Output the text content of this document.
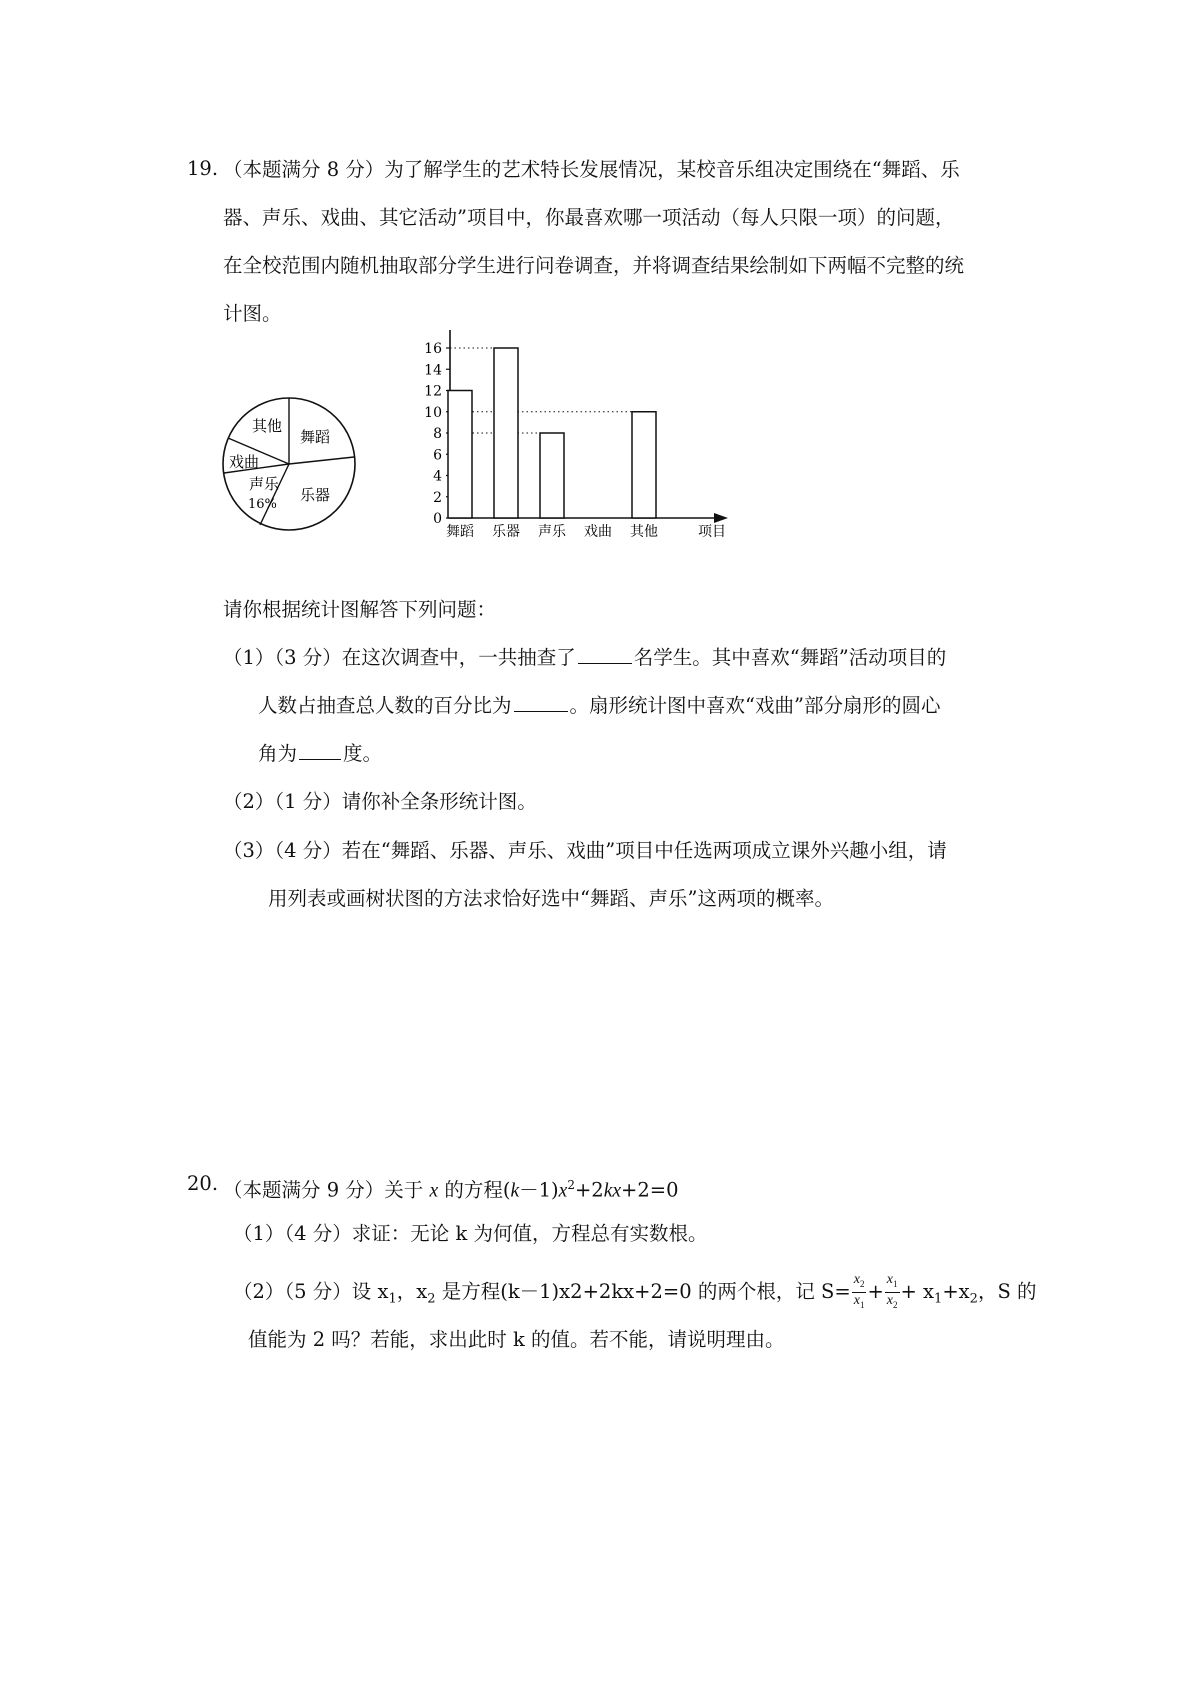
19. （本题满分 8 分）为了解学生的艺术特长发展情况，某校音乐组决定围绕在“舞蹈、乐
器、声乐、戏曲、其它活动”项目中，你最喜欢哪一项活动（每人只限一项）的问题，
在全校范围内随机抽取部分学生进行问卷调查，并将调查结果绘制如下两幅不完整的统
计图。
其他
舞蹈
戏曲
声乐
16%
乐器
0
2
4
6
8
10
12
14
16
舞蹈 乐器 声乐 戏曲 其他	项目
请你根据统计图解答下列问题：
（1）（3 分）在这次调查中，一共抽查了	名学生。其中喜欢“舞蹈”活动项目的
人数占抽查总人数的百分比为	。扇形统计图中喜欢“戏曲”部分扇形的圆心
角为 度。
（2）（1 分）请你补全条形统计图。
（3）（4 分）若在“舞蹈、乐器、声乐、戏曲”项目中任选两项成立课外兴趣小组，请
用列表或画树状图的方法求恰好选中“舞蹈、声乐”这两项的概率。
20. （本题满分 9 分）关于 x 的方程$(k-1)x^2+2kx+2=0$
（1）（4 分）求证：无论 k 为何值，方程总有实数根。
（2）（5 分）设 $x_1$，$x_2$ 是方程(k－1)x2+2kx+2=0 的两个根，记 $S= \frac{x_2}{x_1} + \frac{x_1}{x_2} + x_1+x_2$，S 的
值能为 2 吗？若能，求出此时 k 的值。若不能，请说明理由。
